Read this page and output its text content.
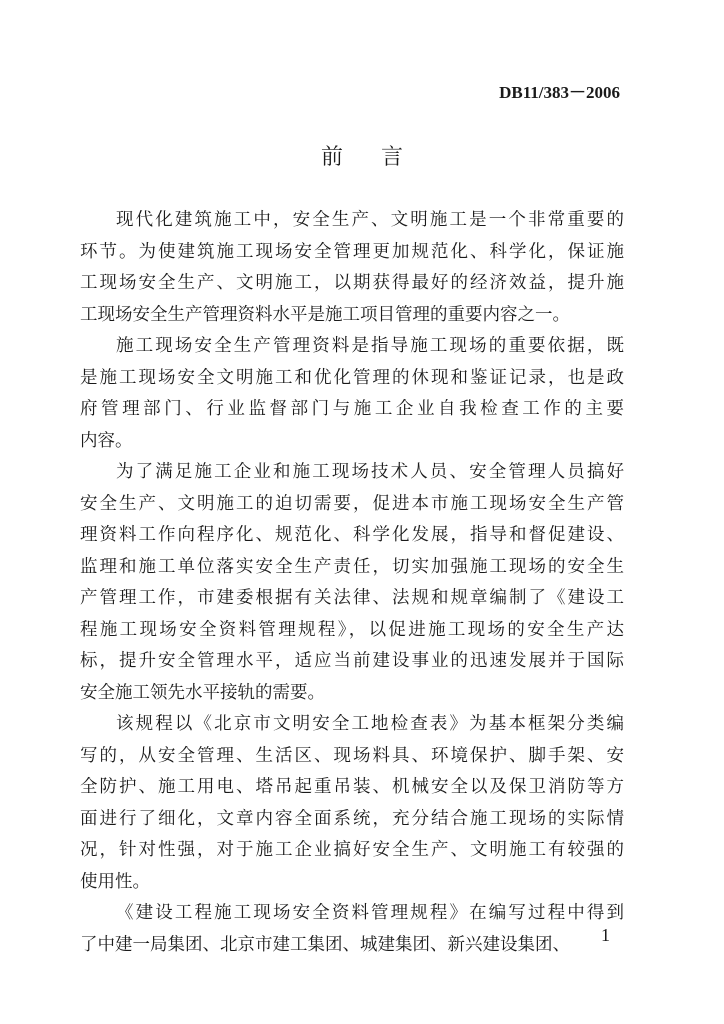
DB11/383－2006
前言
现代化建筑施工中，安全生产、文明施工是一个非常重要的
环节。为使建筑施工现场安全管理更加规范化、科学化，保证施
工现场安全生产、文明施工，以期获得最好的经济效益，提升施
工现场安全生产管理资料水平是施工项目管理的重要内容之一。
施工现场安全生产管理资料是指导施工现场的重要依据，既
是施工现场安全文明施工和优化管理的休现和鉴证记录，也是政
府管理部门、行业监督部门与施工企业自我检查工作的主要
内容。
为了满足施工企业和施工现场技术人员、安全管理人员搞好
安全生产、文明施工的迫切需要，促进本市施工现场安全生产管
理资料工作向程序化、规范化、科学化发展，指导和督促建设、
监理和施工单位落实安全生产责任，切实加强施工现场的安全生
产管理工作，市建委根据有关法律、法规和规章编制了《建设工
程施工现场安全资料管理规程》，以促进施工现场的安全生产达
标，提升安全管理水平，适应当前建设事业的迅速发展并于国际
安全施工领先水平接轨的需要。
该规程以《北京市文明安全工地检查表》为基本框架分类编
写的，从安全管理、生活区、现场料具、环境保护、脚手架、安
全防护、施工用电、塔吊起重吊装、机械安全以及保卫消防等方
面进行了细化，文章内容全面系统，充分结合施工现场的实际情
况，针对性强，对于施工企业搞好安全生产、文明施工有较强的
使用性。
《建设工程施工现场安全资料管理规程》在编写过程中得到
了中建一局集团、北京市建工集团、城建集团、新兴建设集团、	1
